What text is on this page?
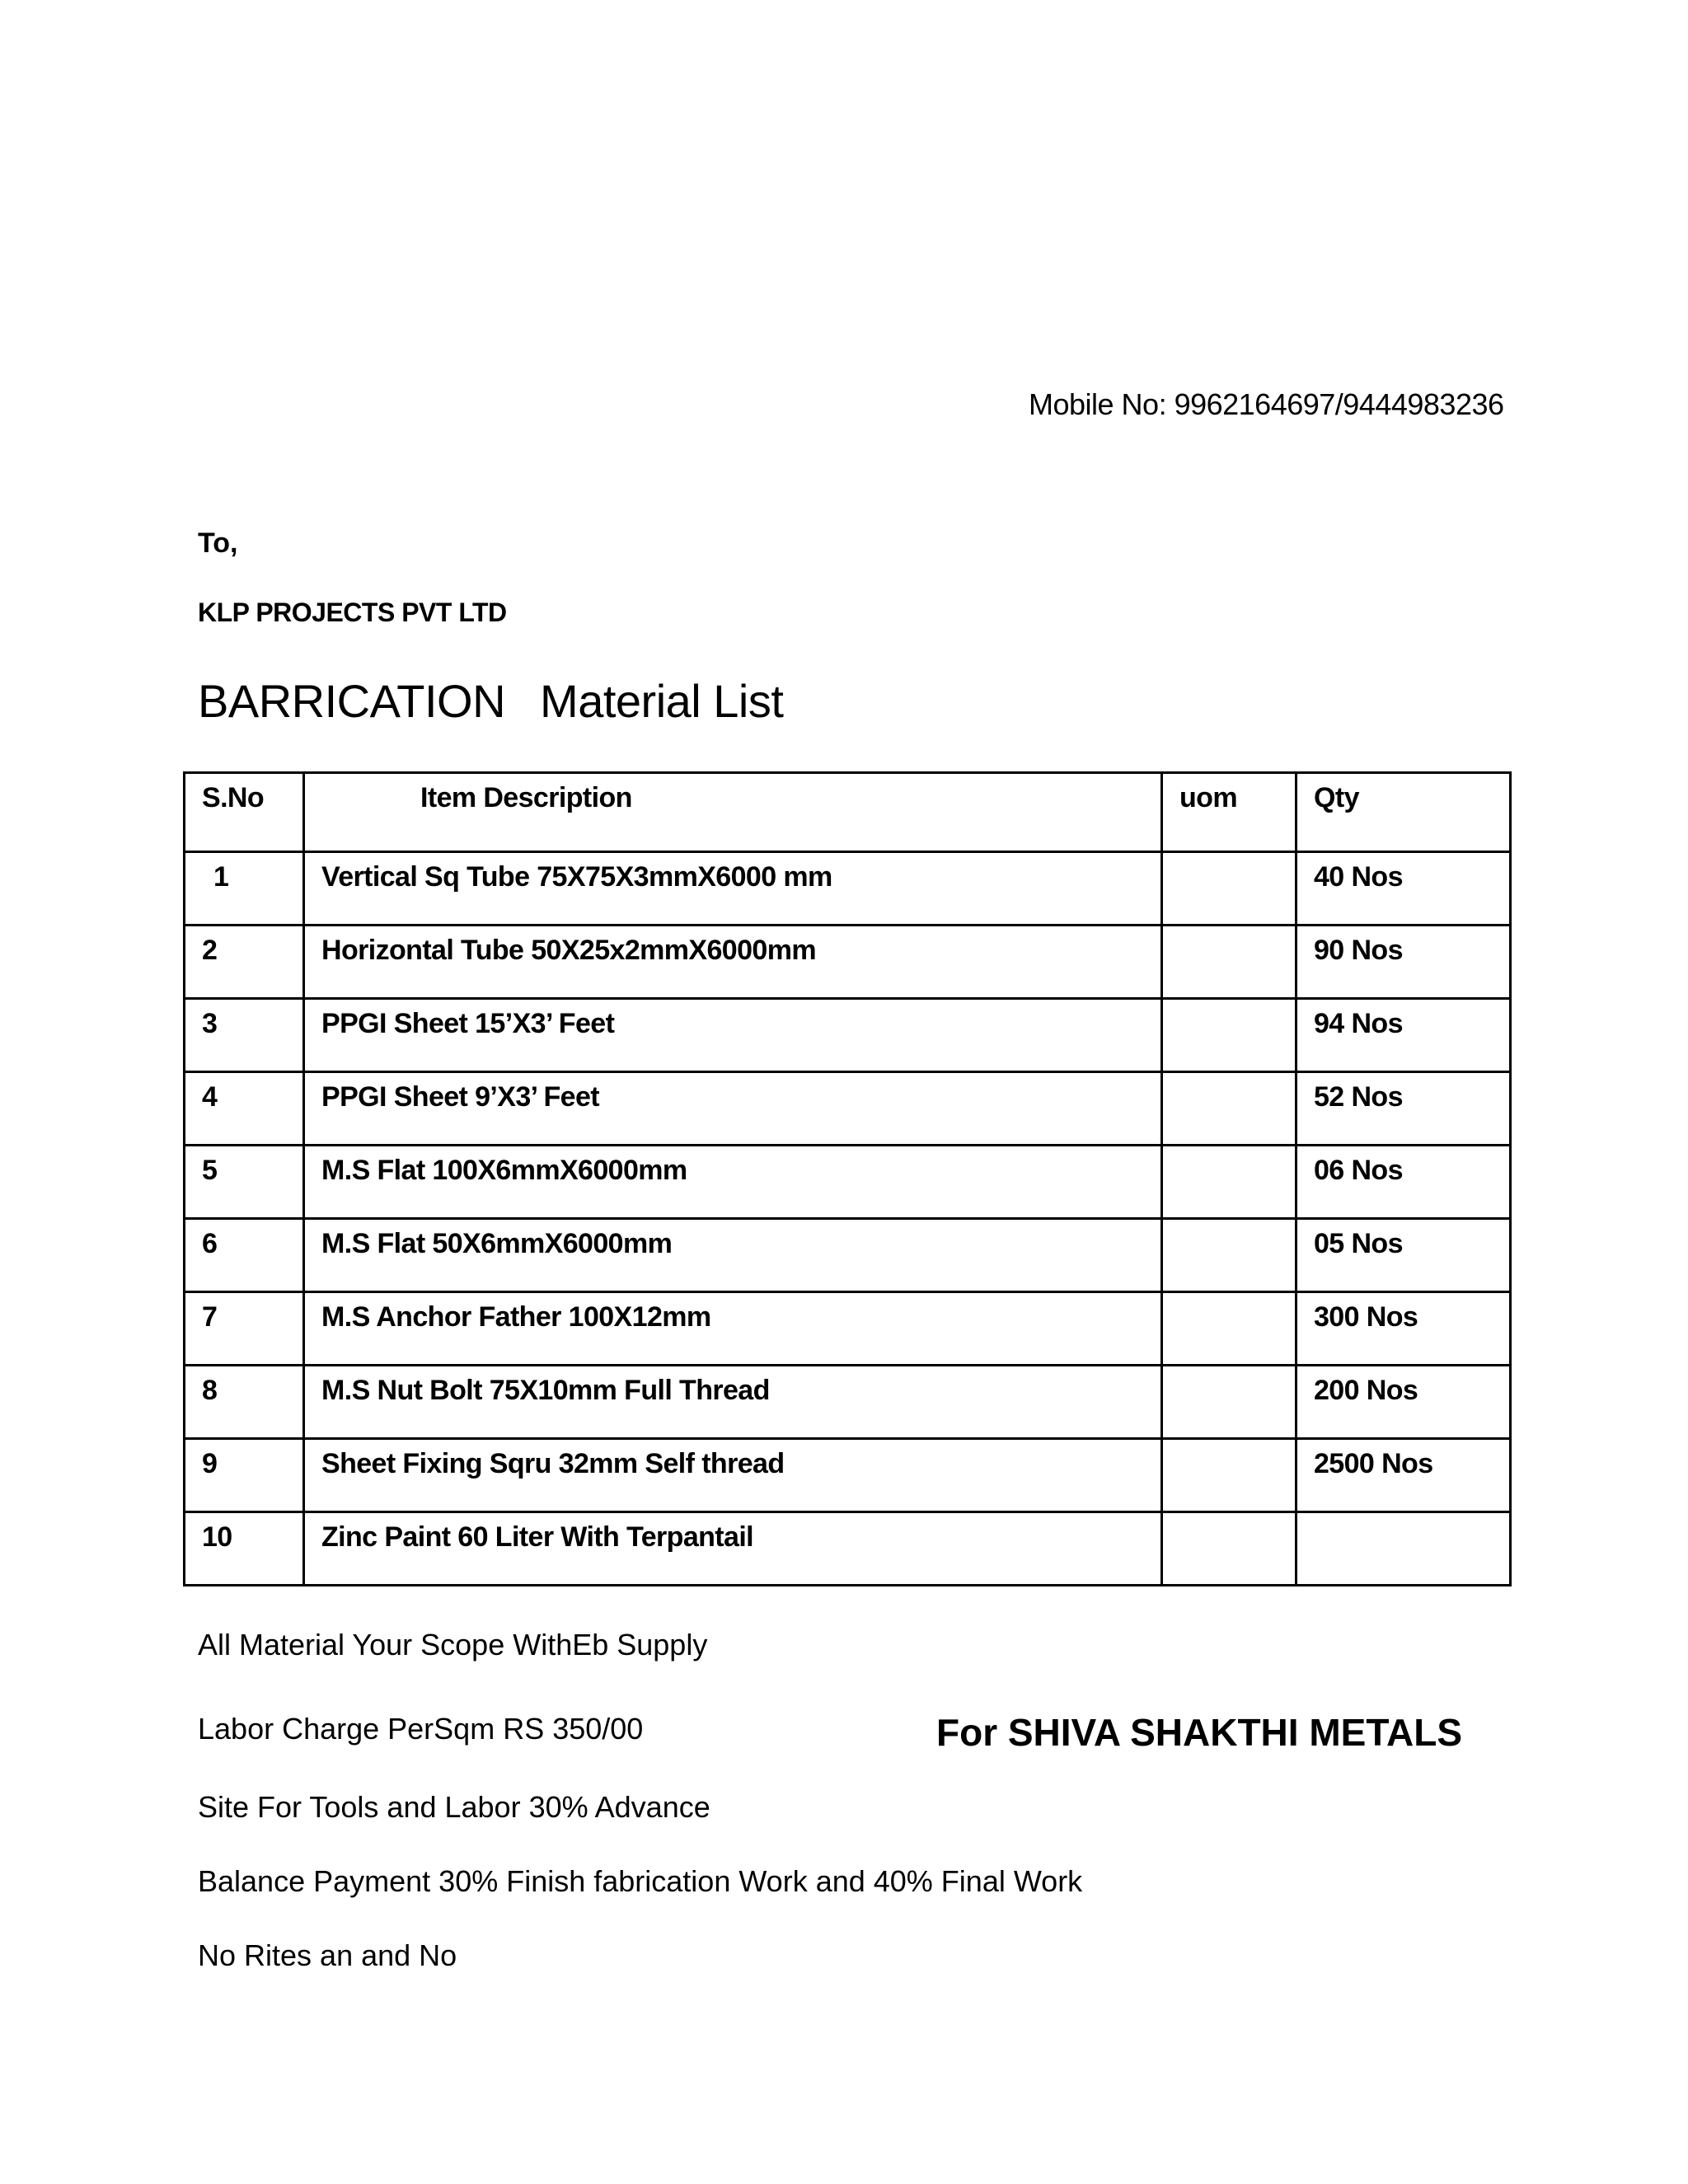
Mobile No: 9962164697/9444983236
To,
KLP PROJECTS PVT LTD
BARRICATION Material List
S.No	Item Description	uom	Qty
1	Vertical Sq Tube 75X75X3mmX6000 mm		40 Nos
2	Horizontal Tube 50X25x2mmX6000mm		90 Nos
3	PPGI Sheet 15’X3’ Feet		94 Nos
4	PPGI Sheet 9’X3’ Feet		52 Nos
5	M.S Flat 100X6mmX6000mm		06 Nos
6	M.S Flat 50X6mmX6000mm		05 Nos
7	M.S Anchor Father 100X12mm		300 Nos
8	M.S Nut Bolt 75X10mm Full Thread		200 Nos
9	Sheet Fixing Sqru 32mm Self thread		2500 Nos
10	Zinc Paint 60 Liter With Terpantail		
All Material Your Scope WithEb Supply
Labor Charge PerSqm RS 350/00
Site For Tools and Labor 30% Advance
Balance Payment 30% Finish fabrication Work and 40% Final Work
No Rites an and No
For SHIVA SHAKTHI METALS
